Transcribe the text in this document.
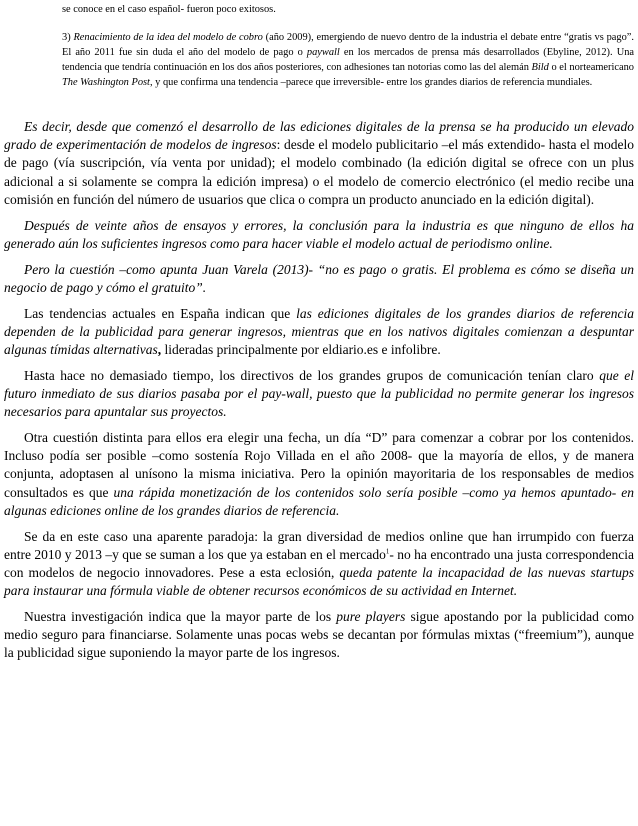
se conoce en el caso español- fueron poco exitosos.

3) Renacimiento de la idea del modelo de cobro (año 2009), emergiendo de nuevo dentro de la industria el debate entre “gratis vs pago”. El año 2011 fue sin duda el año del modelo de pago o paywall en los mercados de prensa más desarrollados (Ebyline, 2012). Una tendencia que tendría continuación en los dos años posteriores, con adhesiones tan notorias como las del alemán Bild o el norteamericano The Washington Post, y que confirma una tendencia –parece que irreversible- entre los grandes diarios de referencia mundiales.

Es decir, desde que comenzó el desarrollo de las ediciones digitales de la prensa se ha producido un elevado grado de experimentación de modelos de ingresos: desde el modelo publicitario –el más extendido- hasta el modelo de pago (vía suscripción, vía venta por unidad); el modelo combinado (la edición digital se ofrece con un plus adicional a si solamente se compra la edición impresa) o el modelo de comercio electrónico (el medio recibe una comisión en función del número de usuarios que clica o compra un producto anunciado en la edición digital).

Después de veinte años de ensayos y errores, la conclusión para la industria es que ninguno de ellos ha generado aún los suficientes ingresos como para hacer viable el modelo actual de periodismo online.

Pero la cuestión –como apunta Juan Varela (2013)- “no es pago o gratis. El problema es cómo se diseña un negocio de pago y cómo el gratuito”.

Las tendencias actuales en España indican que las ediciones digitales de los grandes diarios de referencia dependen de la publicidad para generar ingresos, mientras que en los nativos digitales comienzan a despuntar algunas tímidas alternativas, lideradas principalmente por eldiario.es e infolibre.

Hasta hace no demasiado tiempo, los directivos de los grandes grupos de comunicación tenían claro que el futuro inmediato de sus diarios pasaba por el pay-wall, puesto que la publicidad no permite generar los ingresos necesarios para apuntalar sus proyectos.

Otra cuestión distinta para ellos era elegir una fecha, un día “D” para comenzar a cobrar por los contenidos. Incluso podía ser posible –como sostenía Rojo Villada en el año 2008- que la mayoría de ellos, y de manera conjunta, adoptasen al unísono la misma iniciativa. Pero la opinión mayoritaria de los responsables de medios consultados es que una rápida monetización de los contenidos solo sería posible –como ya hemos apuntado- en algunas ediciones online de los grandes diarios de referencia.

Se da en este caso una aparente paradoja: la gran diversidad de medios online que han irrumpido con fuerza entre 2010 y 2013 –y que se suman a los que ya estaban en el mercado$^1$- no ha encontrado una justa correspondencia con modelos de negocio innovadores. Pese a esta eclosión, queda patente la incapacidad de las nuevas startups para instaurar una fórmula viable de obtener recursos económicos de su actividad en Internet.

Nuestra investigación indica que la mayor parte de los pure players sigue apostando por la publicidad como medio seguro para financiarse. Solamente unas pocas webs se decantan por fórmulas mixtas (“freemium”), aunque la publicidad sigue suponiendo la mayor parte de los ingresos.
